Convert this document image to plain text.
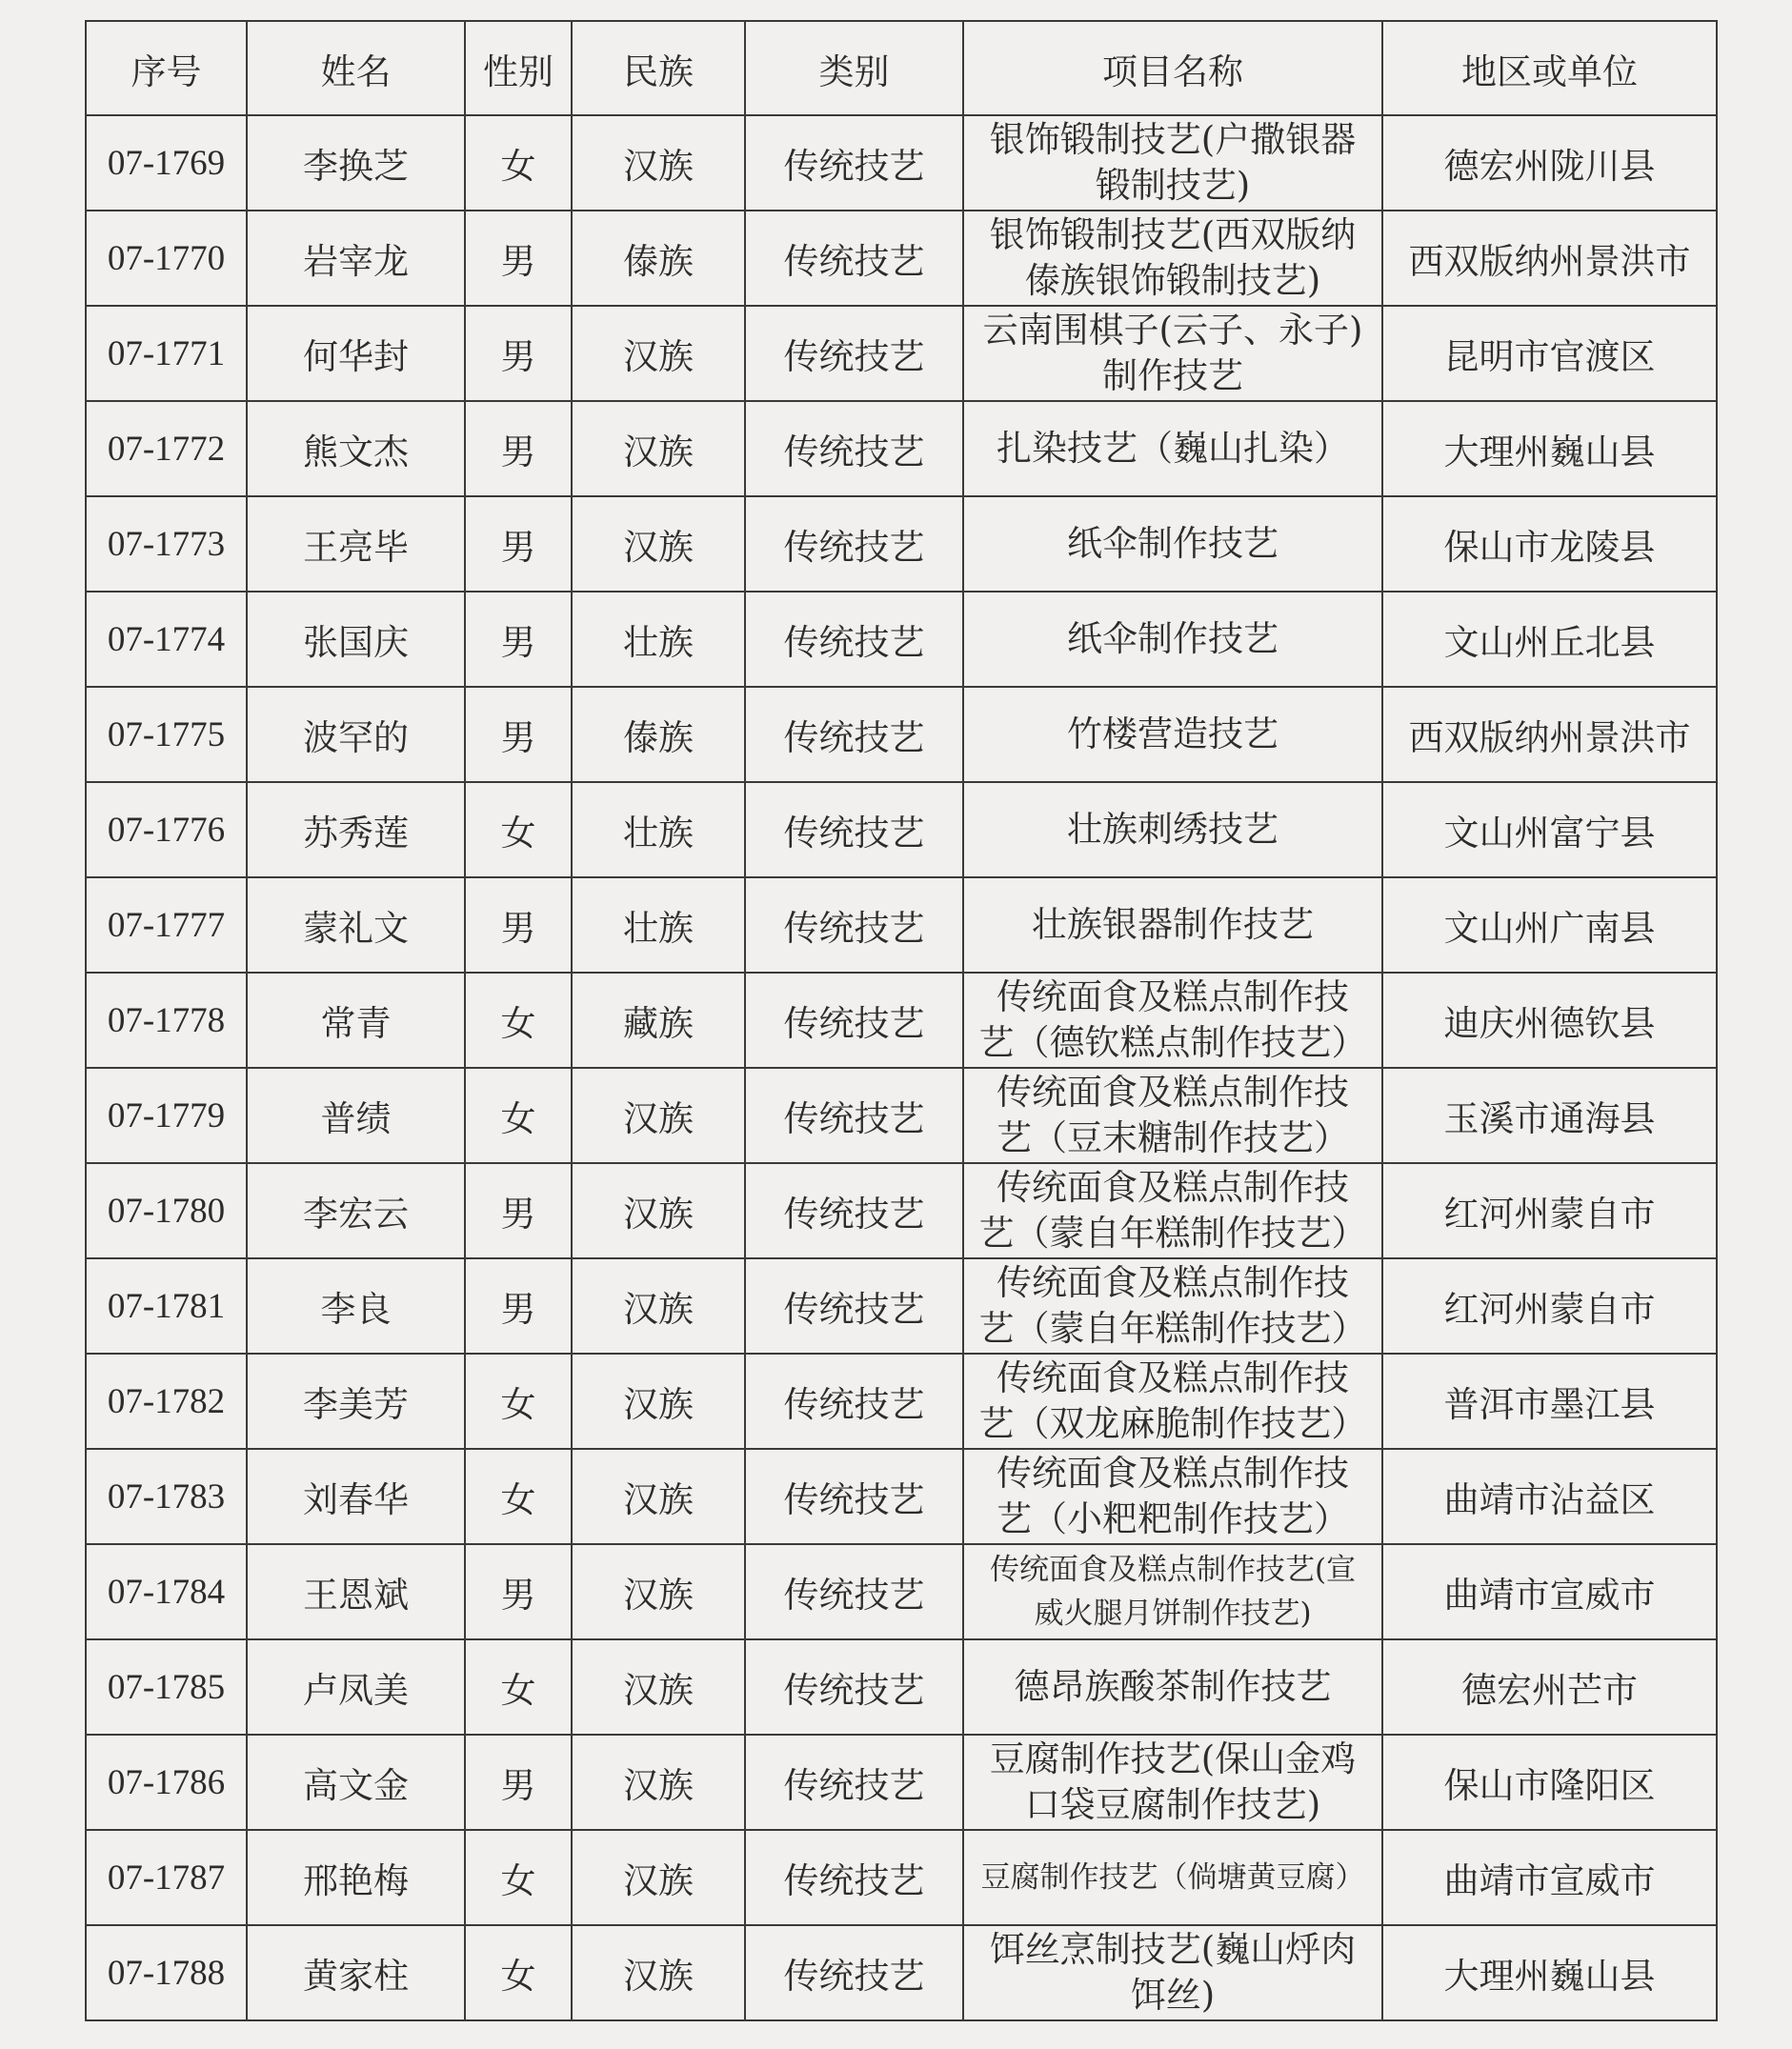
序号	姓名	性别	民族	类别	项目名称	地区或单位
07-1769	李换芝	女	汉族	传统技艺	银饰锻制技艺(户撒银器
锻制技艺)	德宏州陇川县
07-1770	岩宰龙	男	傣族	传统技艺	银饰锻制技艺(西双版纳
傣族银饰锻制技艺)	西双版纳州景洪市
07-1771	何华封	男	汉族	传统技艺	云南围棋子(云子、永子)
制作技艺	昆明市官渡区
07-1772	熊文杰	男	汉族	传统技艺	扎染技艺（巍山扎染）	大理州巍山县
07-1773	王亮毕	男	汉族	传统技艺	纸伞制作技艺	保山市龙陵县
07-1774	张国庆	男	壮族	传统技艺	纸伞制作技艺	文山州丘北县
07-1775	波罕的	男	傣族	传统技艺	竹楼营造技艺	西双版纳州景洪市
07-1776	苏秀莲	女	壮族	传统技艺	壮族刺绣技艺	文山州富宁县
07-1777	蒙礼文	男	壮族	传统技艺	壮族银器制作技艺	文山州广南县
07-1778	常青	女	藏族	传统技艺	传统面食及糕点制作技
艺（德钦糕点制作技艺）	迪庆州德钦县
07-1779	普绩	女	汉族	传统技艺	传统面食及糕点制作技
艺（豆末糖制作技艺）	玉溪市通海县
07-1780	李宏云	男	汉族	传统技艺	传统面食及糕点制作技
艺（蒙自年糕制作技艺）	红河州蒙自市
07-1781	李良	男	汉族	传统技艺	传统面食及糕点制作技
艺（蒙自年糕制作技艺）	红河州蒙自市
07-1782	李美芳	女	汉族	传统技艺	传统面食及糕点制作技
艺（双龙麻脆制作技艺）	普洱市墨江县
07-1783	刘春华	女	汉族	传统技艺	传统面食及糕点制作技
艺（小粑粑制作技艺）	曲靖市沾益区
07-1784	王恩斌	男	汉族	传统技艺	传统面食及糕点制作技艺(宣
威火腿月饼制作技艺)	曲靖市宣威市
07-1785	卢凤美	女	汉族	传统技艺	德昂族酸茶制作技艺	德宏州芒市
07-1786	高文金	男	汉族	传统技艺	豆腐制作技艺(保山金鸡
口袋豆腐制作技艺)	保山市隆阳区
07-1787	邢艳梅	女	汉族	传统技艺	豆腐制作技艺（倘塘黄豆腐）	曲靖市宣威市
07-1788	黄家柱	女	汉族	传统技艺	饵丝烹制技艺(巍山烀肉
饵丝)	大理州巍山县
